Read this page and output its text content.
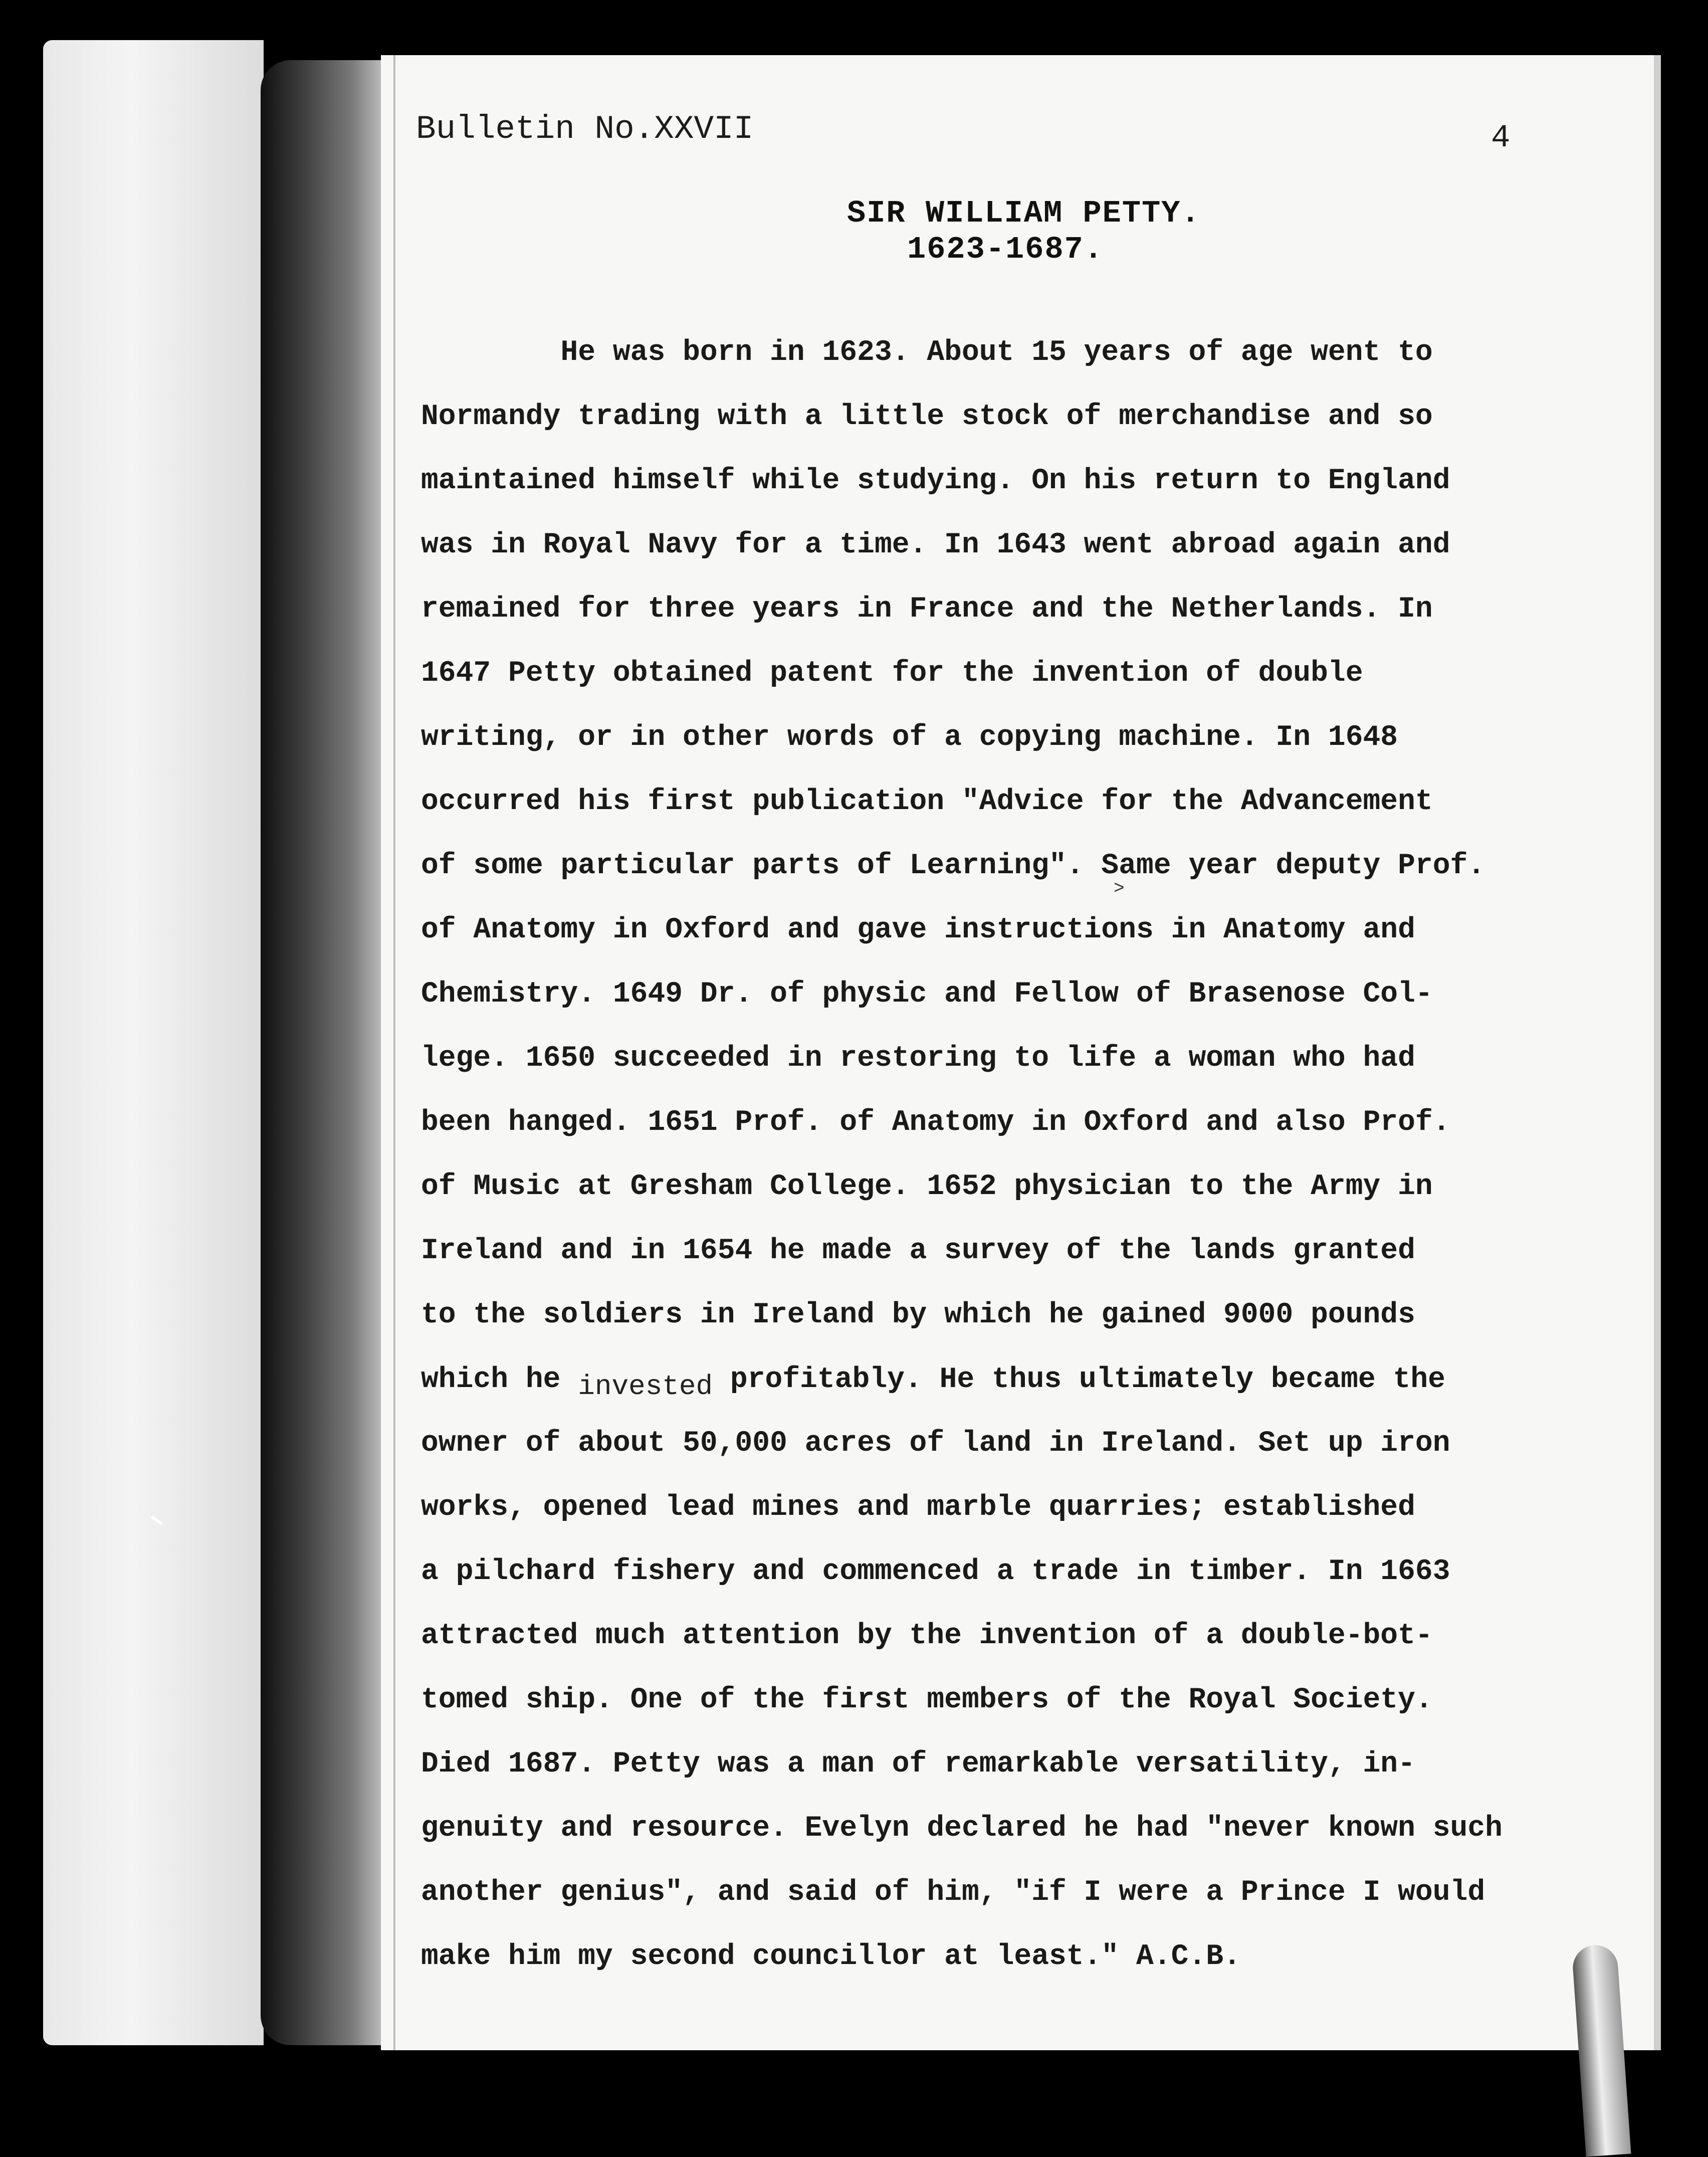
Bulletin No.XXVII	4
SIR WILLIAM PETTY.
1623-1687.
He was born in 1623. About 15 years of age went to
Normandy trading with a little stock of merchandise and so
maintained himself while studying. On his return to England
was in Royal Navy for a time. In 1643 went abroad again and
remained for three years in France and the Netherlands. In
1647 Petty obtained patent for the invention of double
writing, or in other words of a copying machine. In 1648
occurred his first publication "Advice for the Advancement
of some particular parts of Learning". Same year deputy Prof.
of Anatomy in Oxford and gave instructions in Anatomy and
Chemistry. 1649 Dr. of physic and Fellow of Brasenose Col-
lege. 1650 succeeded in restoring to life a woman who had
been hanged. 1651 Prof. of Anatomy in Oxford and also Prof.
of Music at Gresham College. 1652 physician to the Army in
Ireland and in 1654 he made a survey of the lands granted
to the soldiers in Ireland by which he gained 9000 pounds
which he invested profitably. He thus ultimately became the
owner of about 50,000 acres of land in Ireland. Set up iron
works, opened lead mines and marble quarries; established
a pilchard fishery and commenced a trade in timber. In 1663
attracted much attention by the invention of a double-bot-
tomed ship. One of the first members of the Royal Society.
Died 1687. Petty was a man of remarkable versatility, in-
genuity and resource. Evelyn declared he had "never known such
another genius", and said of him, "if I were a Prince I would
make him my second councillor at least." A.C.B.
>
